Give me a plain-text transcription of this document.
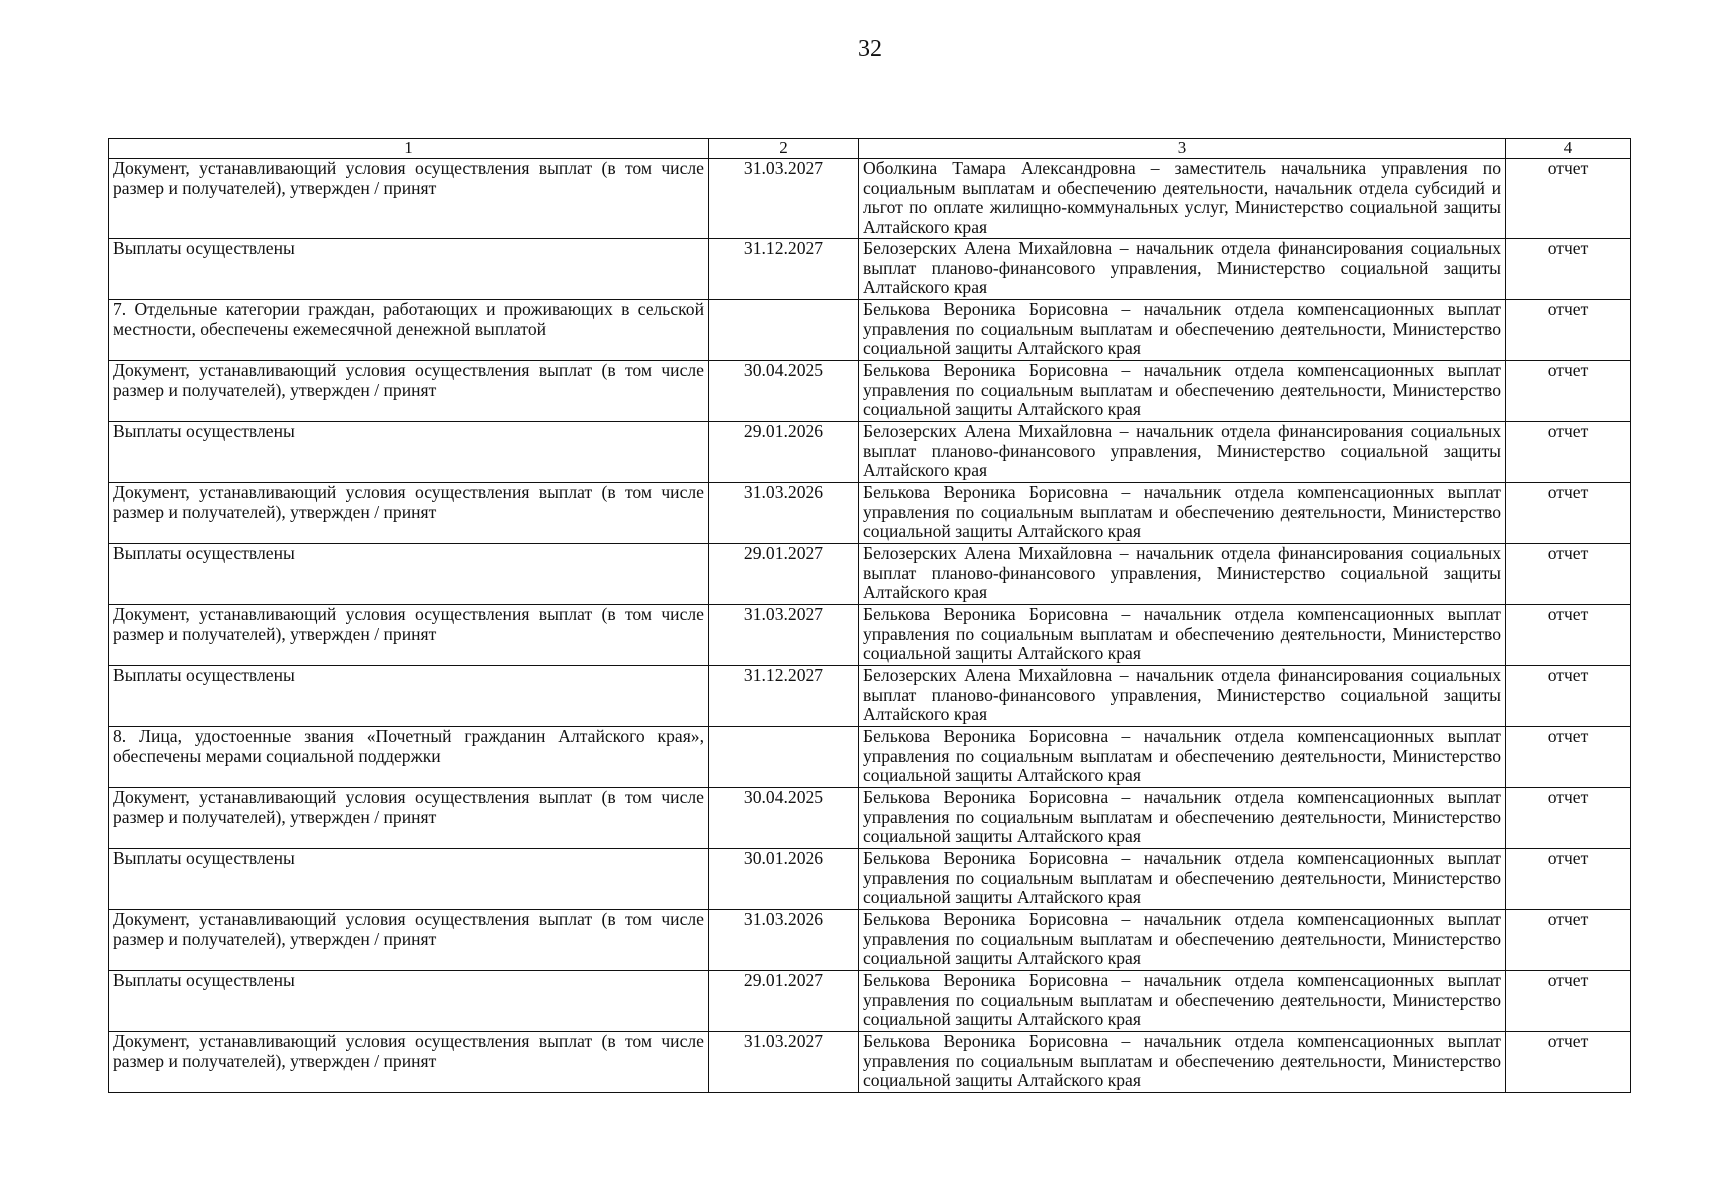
32
1	2	3	4
Документ, устанавливающий условия осуществления выплат (в том числе размер и получателей), утвержден / принят	31.03.2027	Оболкина Тамара Александровна – заместитель начальника управления по социальным выплатам и обеспечению деятельности, начальник отдела субсидий и льгот по оплате жилищно-коммунальных услуг, Министерство социальной защиты Алтайского края	отчет
Выплаты осуществлены	31.12.2027	Белозерских Алена Михайловна – начальник отдела финансирования социальных выплат планово-финансового управления, Министерство социальной защиты Алтайского края	отчет
7. Отдельные категории граждан, работающих и проживающих в сельской местности, обеспечены ежемесячной денежной выплатой		Белькова Вероника Борисовна – начальник отдела компенсационных выплат управления по социальным выплатам и обеспечению деятельности, Министерство социальной защиты Алтайского края	отчет
Документ, устанавливающий условия осуществления выплат (в том числе размер и получателей), утвержден / принят	30.04.2025	Белькова Вероника Борисовна – начальник отдела компенсационных выплат управления по социальным выплатам и обеспечению деятельности, Министерство социальной защиты Алтайского края	отчет
Выплаты осуществлены	29.01.2026	Белозерских Алена Михайловна – начальник отдела финансирования социальных выплат планово-финансового управления, Министерство социальной защиты Алтайского края	отчет
Документ, устанавливающий условия осуществления выплат (в том числе размер и получателей), утвержден / принят	31.03.2026	Белькова Вероника Борисовна – начальник отдела компенсационных выплат управления по социальным выплатам и обеспечению деятельности, Министерство социальной защиты Алтайского края	отчет
Выплаты осуществлены	29.01.2027	Белозерских Алена Михайловна – начальник отдела финансирования социальных выплат планово-финансового управления, Министерство социальной защиты Алтайского края	отчет
Документ, устанавливающий условия осуществления выплат (в том числе размер и получателей), утвержден / принят	31.03.2027	Белькова Вероника Борисовна – начальник отдела компенсационных выплат управления по социальным выплатам и обеспечению деятельности, Министерство социальной защиты Алтайского края	отчет
Выплаты осуществлены	31.12.2027	Белозерских Алена Михайловна – начальник отдела финансирования социальных выплат планово-финансового управления, Министерство социальной защиты Алтайского края	отчет
8. Лица, удостоенные звания «Почетный гражданин Алтайского края», обеспечены мерами социальной поддержки		Белькова Вероника Борисовна – начальник отдела компенсационных выплат управления по социальным выплатам и обеспечению деятельности, Министерство социальной защиты Алтайского края	отчет
Документ, устанавливающий условия осуществления выплат (в том числе размер и получателей), утвержден / принят	30.04.2025	Белькова Вероника Борисовна – начальник отдела компенсационных выплат управления по социальным выплатам и обеспечению деятельности, Министерство социальной защиты Алтайского края	отчет
Выплаты осуществлены	30.01.2026	Белькова Вероника Борисовна – начальник отдела компенсационных выплат управления по социальным выплатам и обеспечению деятельности, Министерство социальной защиты Алтайского края	отчет
Документ, устанавливающий условия осуществления выплат (в том числе размер и получателей), утвержден / принят	31.03.2026	Белькова Вероника Борисовна – начальник отдела компенсационных выплат управления по социальным выплатам и обеспечению деятельности, Министерство социальной защиты Алтайского края	отчет
Выплаты осуществлены	29.01.2027	Белькова Вероника Борисовна – начальник отдела компенсационных выплат управления по социальным выплатам и обеспечению деятельности, Министерство социальной защиты Алтайского края	отчет
Документ, устанавливающий условия осуществления выплат (в том числе размер и получателей), утвержден / принят	31.03.2027	Белькова Вероника Борисовна – начальник отдела компенсационных выплат управления по социальным выплатам и обеспечению деятельности, Министерство социальной защиты Алтайского края	отчет
